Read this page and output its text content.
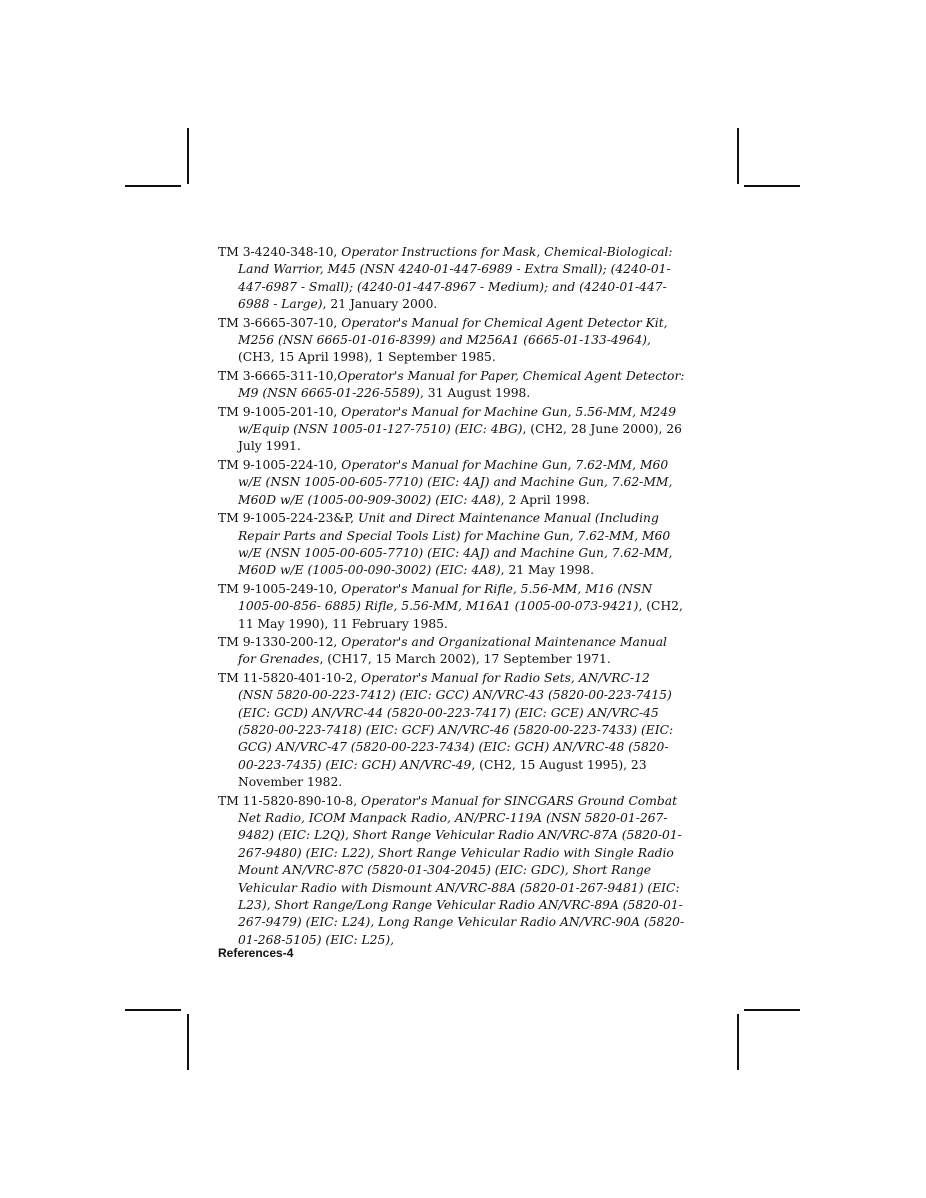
TM 3-4240-348-10, Operator Instructions for Mask, Chemical-Biological: Land Warrior, M45 (NSN 4240-01-447-6989 - Extra Small); (4240-01-447-6987 - Small); (4240-01-447-8967 - Medium); and (4240-01-447-6988 - Large), 21 January 2000.

TM 3-6665-307-10, Operator's Manual for Chemical Agent Detector Kit, M256 (NSN 6665-01-016-8399) and M256A1 (6665-01-133-4964), (CH3, 15 April 1998), 1 September 1985.

TM 3-6665-311-10,Operator's Manual for Paper, Chemical Agent Detector: M9 (NSN 6665-01-226-5589), 31 August 1998.

TM 9-1005-201-10, Operator's Manual for Machine Gun, 5.56-MM, M249 w/Equip (NSN 1005-01-127-7510) (EIC: 4BG), (CH2, 28 June 2000), 26 July 1991.

TM 9-1005-224-10, Operator's Manual for Machine Gun, 7.62-MM, M60 w/E (NSN 1005-00-605-7710) (EIC: 4AJ) and Machine Gun, 7.62-MM, M60D w/E (1005-00-909-3002) (EIC: 4A8), 2 April 1998.

TM 9-1005-224-23&P, Unit and Direct Maintenance Manual (Including Repair Parts and Special Tools List) for Machine Gun, 7.62-MM, M60 w/E (NSN 1005-00-605-7710) (EIC: 4AJ) and Machine Gun, 7.62-MM, M60D w/E (1005-00-090-3002) (EIC: 4A8), 21 May 1998.

TM 9-1005-249-10, Operator's Manual for Rifle, 5.56-MM, M16 (NSN 1005-00-856- 6885) Rifle, 5.56-MM, M16A1 (1005-00-073-9421), (CH2, 11 May 1990), 11 February 1985.

TM 9-1330-200-12, Operator's and Organizational Maintenance Manual for Grenades, (CH17, 15 March 2002), 17 September 1971.

TM 11-5820-401-10-2, Operator's Manual for Radio Sets, AN/VRC-12 (NSN 5820-00-223-7412) (EIC: GCC) AN/VRC-43 (5820-00-223-7415) (EIC: GCD) AN/VRC-44 (5820-00-223-7417) (EIC: GCE) AN/VRC-45 (5820-00-223-7418) (EIC: GCF) AN/VRC-46 (5820-00-223-7433) (EIC: GCG) AN/VRC-47 (5820-00-223-7434) (EIC: GCH) AN/VRC-48 (5820-00-223-7435) (EIC: GCH) AN/VRC-49, (CH2, 15 August 1995), 23 November 1982.

TM 11-5820-890-10-8, Operator's Manual for SINCGARS Ground Combat Net Radio, ICOM Manpack Radio, AN/PRC-119A (NSN 5820-01-267-9482) (EIC: L2Q), Short Range Vehicular Radio AN/VRC-87A (5820-01-267-9480) (EIC: L22), Short Range Vehicular Radio with Single Radio Mount AN/VRC-87C (5820-01-304-2045) (EIC: GDC), Short Range Vehicular Radio with Dismount AN/VRC-88A (5820-01-267-9481) (EIC: L23), Short Range/Long Range Vehicular Radio AN/VRC-89A (5820-01-267-9479) (EIC: L24), Long Range Vehicular Radio AN/VRC-90A (5820-01-268-5105) (EIC: L25),

References-4
